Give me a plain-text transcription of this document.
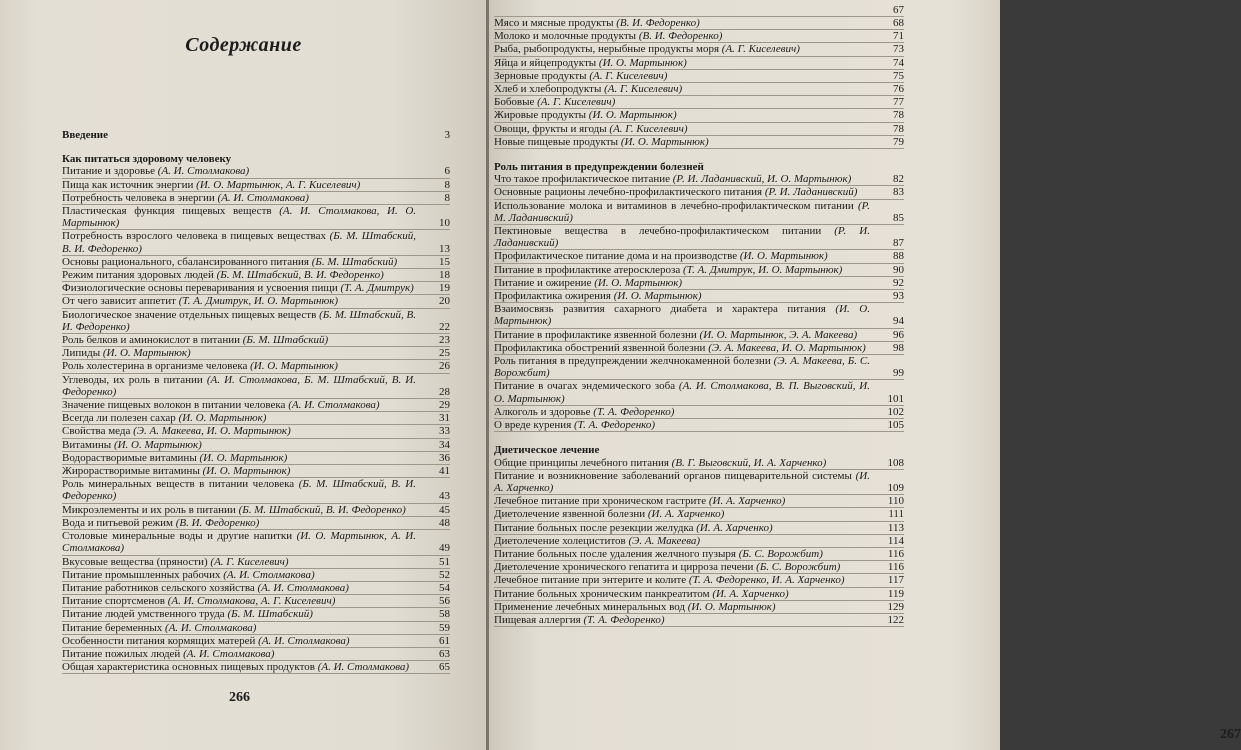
Содержание
Введение	3
Как питаться здоровому человеку
Питание и здоровье (А. И. Столмакова)	6
Пища как источник энергии (И. О. Мартынюк, А. Г. Киселевич)	8
Потребность человека в энергии (А. И. Столмакова)	8
Пластическая функция пищевых веществ (А. И. Столмакова, И. О. Мартынюк)	10
Потребность взрослого человека в пищевых веществах (Б. М. Штабский, В. И. Федоренко)	13
Основы рационального, сбалансированного питания (Б. М. Штабский)	15
Режим питания здоровых людей (Б. М. Штабский, В. И. Федоренко)	18
Физиологические основы переваривания и усвоения пищи (Т. А. Дмитрук)	19
От чего зависит аппетит (Т. А. Дмитрук, И. О. Мартынюк)	20
Биологическое значение отдельных пищевых веществ (Б. М. Штабский, В. И. Федоренко)	22
Роль белков и аминокислот в питании (Б. М. Штабский)	23
Липиды (И. О. Мартынюк)	25
Роль холестерина в организме человека (И. О. Мартынюк)	26
Углеводы, их роль в питании (А. И. Столмакова, Б. М. Штабский, В. И. Федоренко)	28
Значение пищевых волокон в питании человека (А. И. Столмакова)	29
Всегда ли полезен сахар (И. О. Мартынюк)	31
Свойства меда (Э. А. Макеева, И. О. Мартынюк)	33
Витамины (И. О. Мартынюк)	34
Водорастворимые витамины (И. О. Мартынюк)	36
Жирорастворимые витамины (И. О. Мартынюк)	41
Роль минеральных веществ в питании человека (Б. М. Штабский, В. И. Федоренко)	43
Микроэлементы и их роль в питании (Б. М. Штабский, В. И. Федоренко)	45
Вода и питьевой режим (В. И. Федоренко)	48
Столовые минеральные воды и другие напитки (И. О. Мартынюк, А. И. Столмакова)	49
Вкусовые вещества (пряности) (А. Г. Киселевич)	51
Питание промышленных рабочих (А. И. Столмакова)	52
Питание работников сельского хозяйства (А. И. Столмакова)	54
Питание спортсменов (А. И. Столмакова, А. Г. Киселевич)	56
Питание людей умственного труда (Б. М. Штабский)	58
Питание беременных (А. И. Столмакова)	59
Особенности питания кормящих матерей (А. И. Столмакова)	61
Питание пожилых людей (А. И. Столмакова)	63
Общая характеристика основных пищевых продуктов (А. И. Столмакова)	65
266
267
67
Мясо и мясные продукты (В. И. Федоренко)	68
Молоко и молочные продукты (В. И. Федоренко)	71
Рыба, рыбопродукты, нерыбные продукты моря (А. Г. Киселевич)	73
Яйца и яйцепродукты (И. О. Мартынюк)	74
Зерновые продукты (А. Г. Киселевич)	75
Хлеб и хлебопродукты (А. Г. Киселевич)	76
Бобовые (А. Г. Киселевич)	77
Жировые продукты (И. О. Мартынюк)	78
Овощи, фрукты и ягоды (А. Г. Киселевич)	78
Новые пищевые продукты (И. О. Мартынюк)	79
Роль питания в предупреждении болезней
Что такое профилактическое питание (Р. И. Ладанивский, И. О. Мартынюк)	82
Основные рационы лечебно-профилактического питания (Р. И. Ладанивский)	83
Использование молока и витаминов в лечебно-профилактическом питании (Р. М. Ладанивский)	85
Пектиновые вещества в лечебно-профилактическом питании (Р. И. Ладанивский)	87
Профилактическое питание дома и на производстве (И. О. Мартынюк)	88
Питание в профилактике атеросклероза (Т. А. Дмитрук, И. О. Мартынюк)	90
Питание и ожирение (И. О. Мартынюк)	92
Профилактика ожирения (И. О. Мартынюк)	93
Взаимосвязь развития сахарного диабета и характера питания (И. О. Мартынюк)	94
Питание в профилактике язвенной болезни (И. О. Мартынюк, Э. А. Макеева)	96
Профилактика обострений язвенной болезни (Э. А. Макеева, И. О. Мартынюк)	98
Роль питания в предупреждении желчнокаменной болезни (Э. А. Макеева, Б. С. Ворожбит)	99
Питание в очагах эндемического зоба (А. И. Столмакова, В. П. Выговский, И. О. Мартынюк)	101
Алкоголь и здоровье (Т. А. Федоренко)	102
О вреде курения (Т. А. Федоренко)	105
Диетическое лечение
Общие принципы лечебного питания (В. Г. Выговский, И. А. Харченко)	108
Питание и возникновение заболеваний органов пищеварительной системы (И. А. Харченко)	109
Лечебное питание при хроническом гастрите (И. А. Харченко)	110
Диетолечение язвенной болезни (И. А. Харченко)	111
Питание больных после резекции желудка (И. А. Харченко)	113
Диетолечение холециститов (Э. А. Макеева)	114
Питание больных после удаления желчного пузыря (Б. С. Ворожбит)	116
Диетолечение хронического гепатита и цирроза печени (Б. С. Ворожбит)	116
Лечебное питание при энтерите и колите (Т. А. Федоренко, И. А. Харченко)	117
Питание больных хроническим панкреатитом (И. А. Харченко)	119
Применение лечебных минеральных вод (И. О. Мартынюк)	129
Пищевая аллергия (Т. А. Федоренко)	122
